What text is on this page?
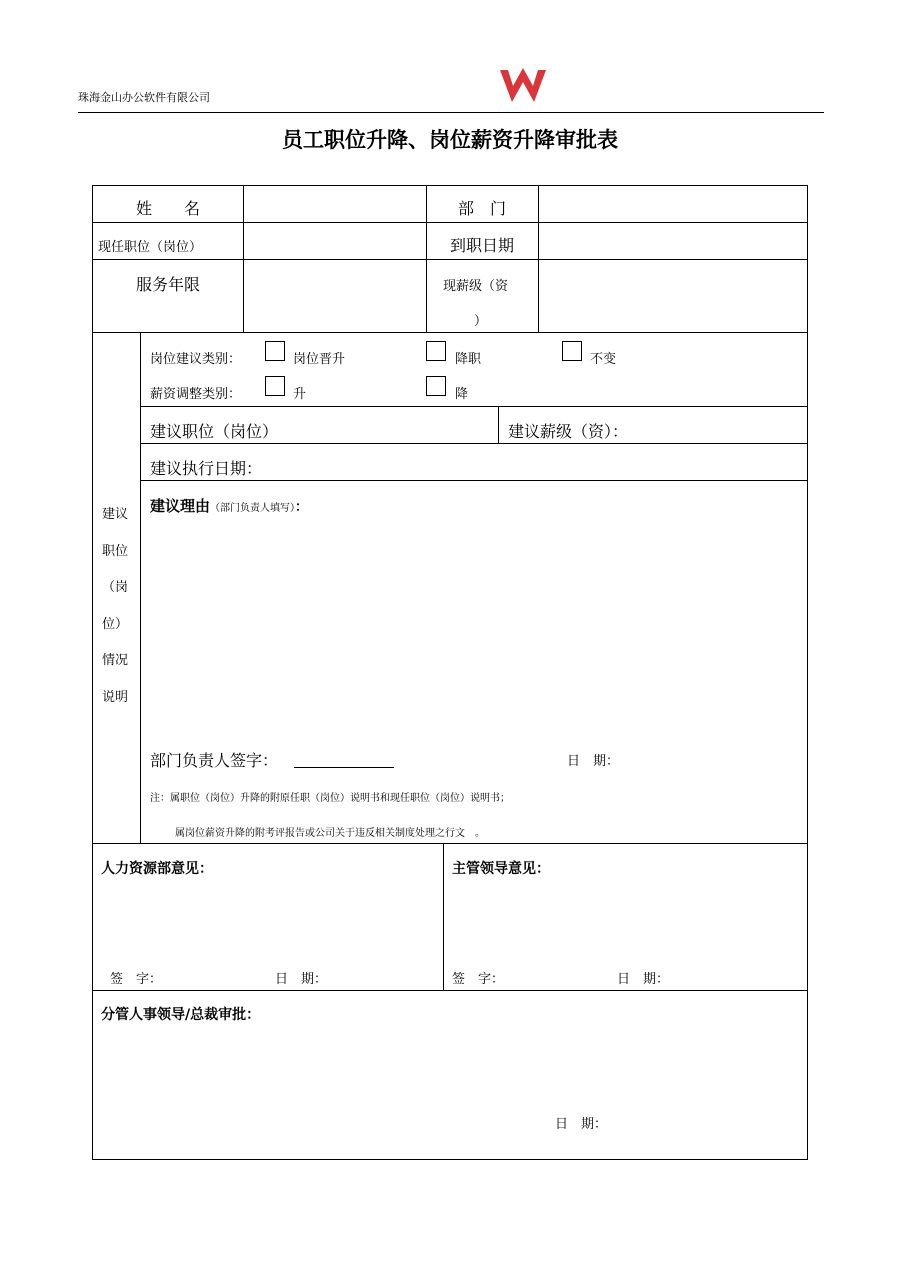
珠海金山办公软件有限公司
员工职位升降、岗位薪资升降审批表
姓　　名	部　门
现任职位（岗位）	到职日期
服务年限	现薪级（资
）
建议
职位
（岗
位）
情况
说明
岗位建议类别：	岗位晋升	降职	不变
薪资调整类别：	升	降
建议职位（岗位）	建议薪级（资）：
建议执行日期：
建议理由（部门负责人填写）：
部门负责人签字：	日　期：
注：属职位（岗位）升降的附原任职（岗位）说明书和现任职位（岗位）说明书；
属岗位薪资升降的附考评报告或公司关于违反相关制度处理之行文　。
人力资源部意见：
签　字：	日　期：
主管领导意见：
签　字：	日　期：
分管人事领导/总裁审批：
日　期：
